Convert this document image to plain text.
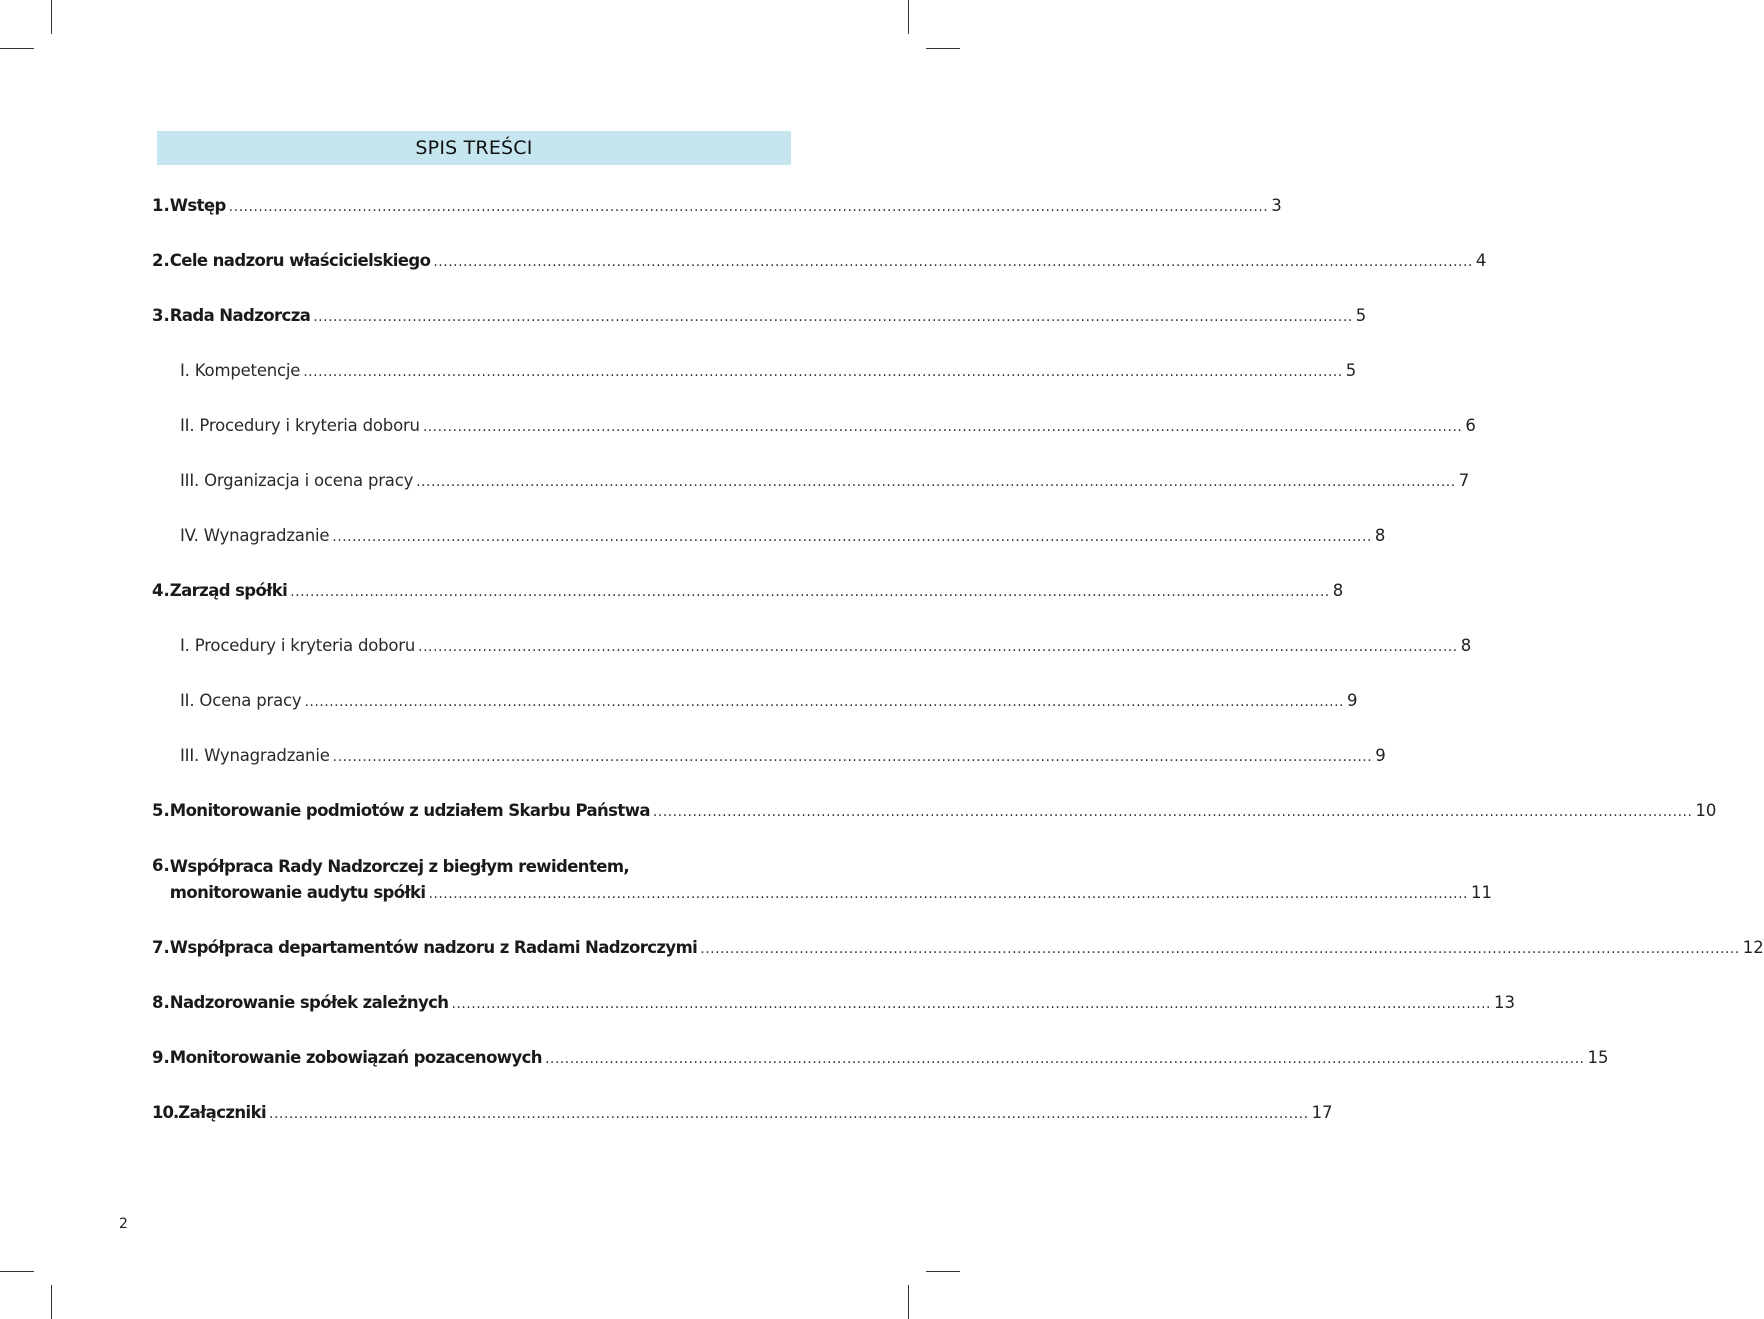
SPIS TREŚCI
1. Wstęp .....	3
2. Cele nadzoru właścicielskiego .....	4
3. Rada Nadzorcza .....	5
I. Kompetencje .....	5
II. Procedury i kryteria doboru .....	6
III. Organizacja i ocena pracy .....	7
IV. Wynagradzanie .....	8
4. Zarząd spółki .....	8
I. Procedury i kryteria doboru .....	8
II. Ocena pracy .....	9
III. Wynagradzanie .....	9
5. Monitorowanie podmiotów z udziałem Skarbu Państwa .....	10
6. Współpraca Rady Nadzorczej z biegłym rewidentem,
monitorowanie audytu spółki .....	11
7. Współpraca departamentów nadzoru z Radami Nadzorczymi .....	12
8. Nadzorowanie spółek zależnych .....	13
9. Monitorowanie zobowiązań pozacenowych .....	15
10. Załączniki .....	17
2
